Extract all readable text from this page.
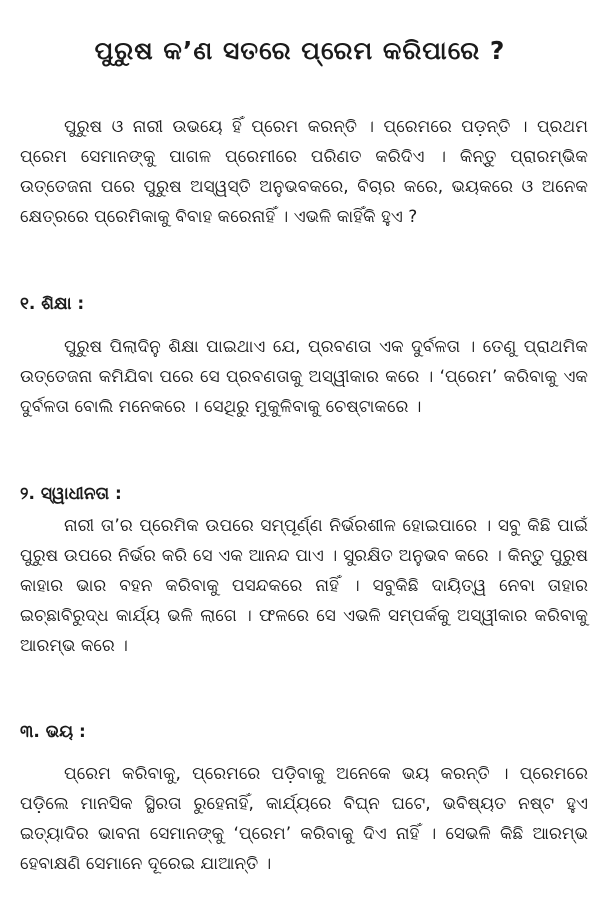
ପୁରୁଷ କ’ଣ ସତରେ ପ୍ରେମ କରିପାରେ ?

ପୁରୁଷ ଓ ନାରୀ ଉଭୟେ ହିଁ ପ୍ରେମ କରନ୍ତି । ପ୍ରେମରେ ପଡ଼ନ୍ତି । ପ୍ରଥମ ପ୍ରେମ ସେମାନଙ୍କୁ ପାଗଳ ପ୍ରେମୀରେ ପରିଣତ କରିଦିଏ । କିନ୍ତୁ ପ୍ରାରମ୍ଭିକ ଉତ୍ତେଜନା ପରେ ପୁରୁଷ ଅସ୍ୱସ୍ତି ଅନୁଭବକରେ, ବିଚାର କରେ, ଭୟକରେ ଓ ଅନେକ କ୍ଷେତ୍ରରେ ପ୍ରେମିକାକୁ ବିବାହ କରେନାହିଁ । ଏଭଳି କାହିଁକି ହୁଏ ?

୧. ଶିକ୍ଷା :

ପୁରୁଷ ପିଲାଦିନୁ ଶିକ୍ଷା ପାଇଥାଏ ଯେ, ପ୍ରବଣତା ଏକ ଦୁର୍ବଳତା । ତେଣୁ ପ୍ରାଥମିକ ଉତ୍ତେଜନା କମିଯିବା ପରେ ସେ ପ୍ରବଣତାକୁ ଅସ୍ୱୀକାର କରେ । ‘ପ୍ରେମ’ କରିବାକୁ ଏକ ଦୁର୍ବଳତା ବୋଲି ମନେକରେ । ସେଥିରୁ ମୁକୁଳିବାକୁ ଚେଷ୍ଟାକରେ ।

୨. ସ୍ୱାଧୀନତା :

ନାରୀ ତା’ର ପ୍ରେମିକ ଉପରେ ସମ୍ପୂର୍ଣ୍ଣ ନିର୍ଭରଶୀଳ ହୋଇପାରେ । ସବୁ କିଛି ପାଇଁ ପୁରୁଷ ଉପରେ ନିର୍ଭର କରି ସେ ଏକ ଆନନ୍ଦ ପାଏ । ସୁରକ୍ଷିତ ଅନୁଭବ କରେ । କିନ୍ତୁ ପୁରୁଷ କାହାର ଭାର ବହନ କରିବାକୁ ପସନ୍ଦକରେ ନାହିଁ । ସବୁକିଛି ଦାୟିତ୍ୱ ନେବା ତାହାର ଇଚ୍ଛାବିରୁଦ୍ଧ କାର୍ଯ୍ୟ ଭଳି ଲାଗେ । ଫଳରେ ସେ ଏଭଳି ସମ୍ପର୍କକୁ ଅସ୍ୱୀକାର କରିବାକୁ ଆରମ୍ଭ କରେ ।

୩. ଭୟ :

ପ୍ରେମ କରିବାକୁ, ପ୍ରେମରେ ପଡ଼ିବାକୁ ଅନେକେ ଭୟ କରନ୍ତି । ପ୍ରେମରେ ପଡ଼ିଲେ ମାନସିକ ସ୍ଥିରତା ରୁହେନାହିଁ, କାର୍ଯ୍ୟରେ ବିଘ୍ନ ଘଟେ, ଭବିଷ୍ୟତ ନଷ୍ଟ ହୁଏ ଇତ୍ୟାଦିର ଭାବନା ସେମାନଙ୍କୁ ‘ପ୍ରେମ’ କରିବାକୁ ଦିଏ ନାହିଁ । ସେଭଳି କିଛି ଆରମ୍ଭ ହେବାକ୍ଷଣି ସେମାନେ ଦୂରେଇ ଯାଆନ୍ତି ।
